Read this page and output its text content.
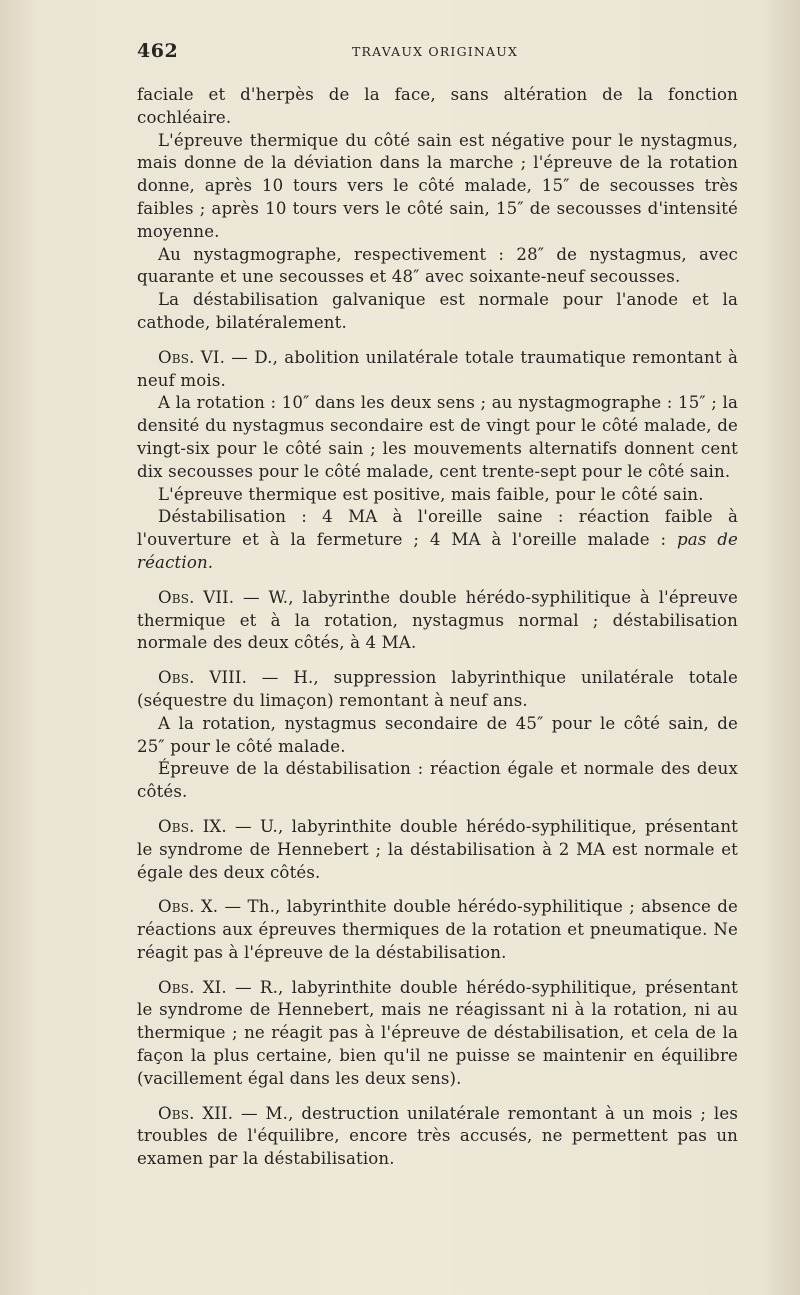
462	TRAVAUX ORIGINAUX

faciale et d'herpès de la face, sans altération de la fonction cochléaire.

L'épreuve thermique du côté sain est négative pour le nystagmus, mais donne de la déviation dans la marche ; l'épreuve de la rotation donne, après 10 tours vers le côté malade, 15″ de secousses très faibles ; après 10 tours vers le côté sain, 15″ de secousses d'intensité moyenne.

Au nystagmographe, respectivement : 28″ de nystagmus, avec quarante et une secousses et 48″ avec soixante-neuf secousses.

La déstabilisation galvanique est normale pour l'anode et la cathode, bilatéralement.

Obs. VI. — D., abolition unilatérale totale traumatique remontant à neuf mois.

A la rotation : 10″ dans les deux sens ; au nystagmographe : 15″ ; la densité du nystagmus secondaire est de vingt pour le côté malade, de vingt-six pour le côté sain ; les mouvements alternatifs donnent cent dix secousses pour le côté malade, cent trente-sept pour le côté sain.

L'épreuve thermique est positive, mais faible, pour le côté sain.

Déstabilisation : 4 MA à l'oreille saine : réaction faible à l'ouverture et à la fermeture ; 4 MA à l'oreille malade : pas de réaction.

Obs. VII. — W., labyrinthe double hérédo-syphilitique à l'épreuve thermique et à la rotation, nystagmus normal ; déstabilisation normale des deux côtés, à 4 MA.

Obs. VIII. — H., suppression labyrinthique unilatérale totale (séquestre du limaçon) remontant à neuf ans.

A la rotation, nystagmus secondaire de 45″ pour le côté sain, de 25″ pour le côté malade.

Épreuve de la déstabilisation : réaction égale et normale des deux côtés.

Obs. IX. — U., labyrinthite double hérédo-syphilitique, présentant le syndrome de Hennebert ; la déstabilisation à 2 MA est normale et égale des deux côtés.

Obs. X. — Th., labyrinthite double hérédo-syphilitique ; absence de réactions aux épreuves thermiques de la rotation et pneumatique. Ne réagit pas à l'épreuve de la déstabilisation.

Obs. XI. — R., labyrinthite double hérédo-syphilitique, présentant le syndrome de Hennebert, mais ne réagissant ni à la rotation, ni au thermique ; ne réagit pas à l'épreuve de déstabilisation, et cela de la façon la plus certaine, bien qu'il ne puisse se maintenir en équilibre (vacillement égal dans les deux sens).

Obs. XII. — M., destruction unilatérale remontant à un mois ; les troubles de l'équilibre, encore très accusés, ne permettent pas un examen par la déstabilisation.
